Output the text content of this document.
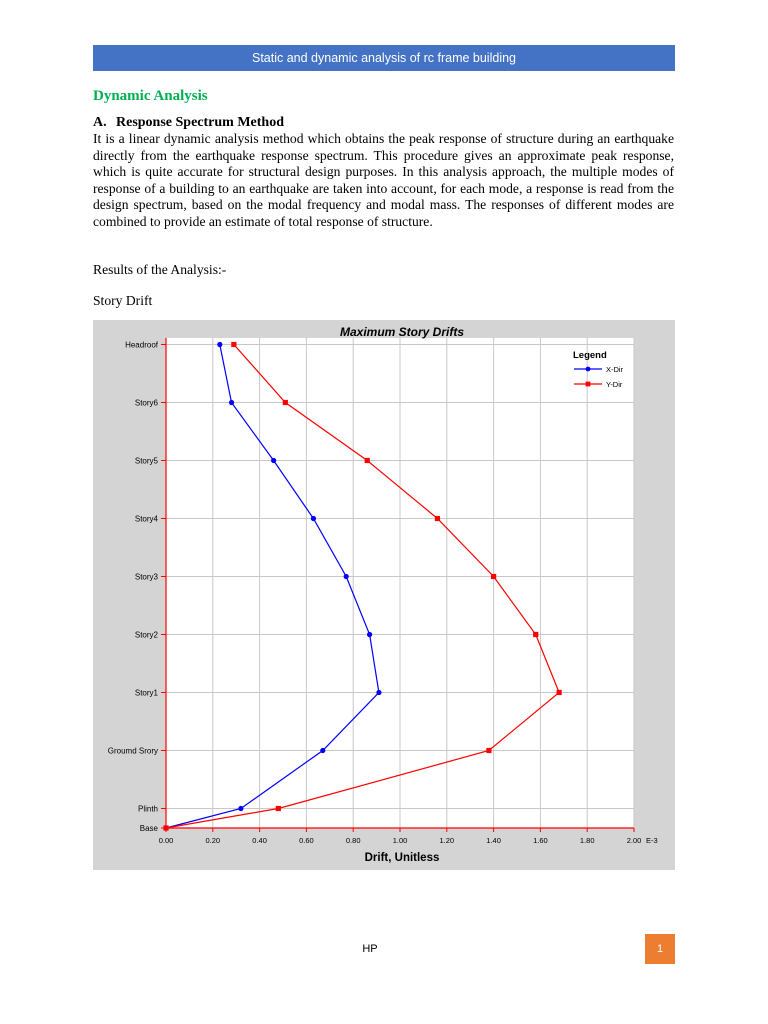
Static and dynamic analysis of rc frame building
Dynamic Analysis
A. Response Spectrum Method

It is a linear dynamic analysis method which obtains the peak response of structure during an earthquake directly from the earthquake response spectrum. This procedure gives an approximate peak response, which is quite accurate for structural design purposes. In this analysis approach, the multiple modes of response of a building to an earthquake are taken into account, for each mode, a response is read from the design spectrum, based on the modal frequency and modal mass. The responses of different modes are combined to provide an estimate of total response of structure.

Results of the Analysis:-

Story Drift

Base
Plinth
Groumd Srory
Story1
Story2
Story3
Story4
Story5
Story6
Headroof
0.00	0.20	0.40	0.60	0.80	1.00	1.20	1.40	1.60	1.80	2.00 E-3
Maximum Story Drifts
Drift, Unitless
Legend
X-Dir
Y-Dir
HP	1
